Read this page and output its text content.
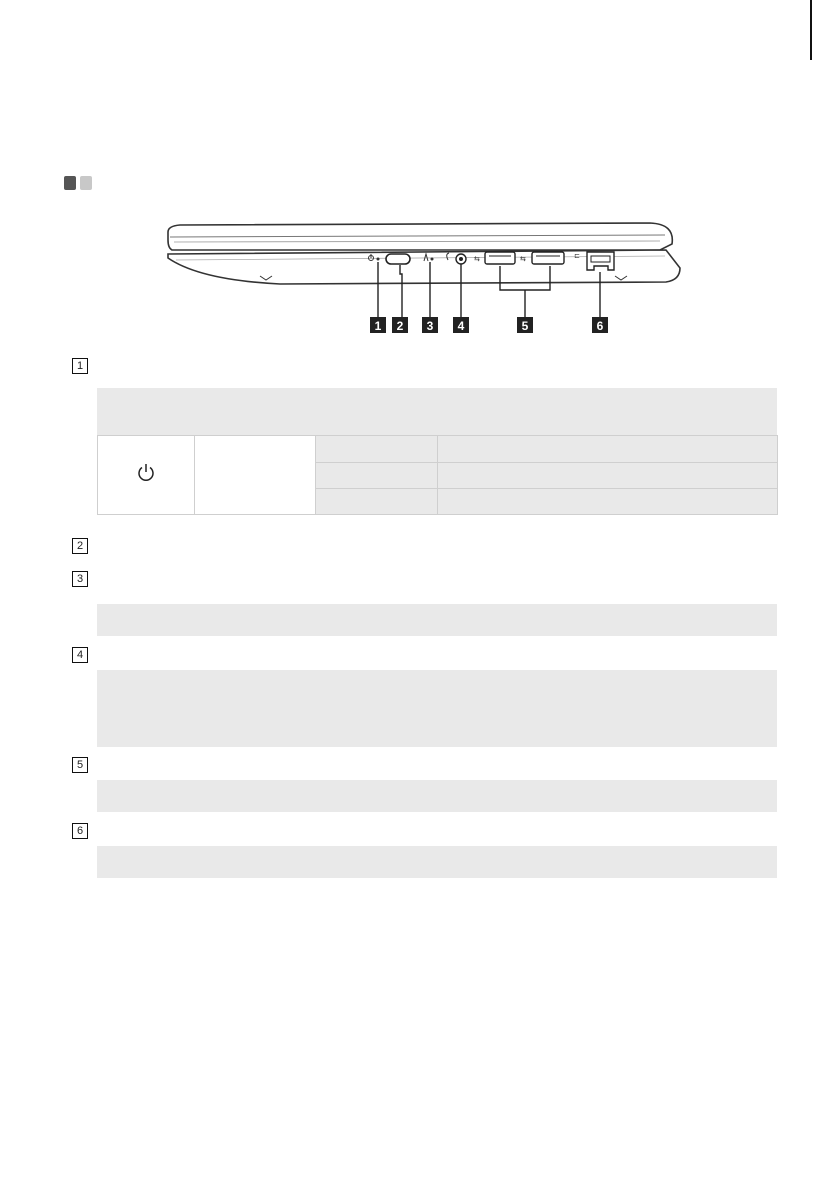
⇆	⇆	⊏
1 2 3 4	5	6
1

2
3
4
5
6
